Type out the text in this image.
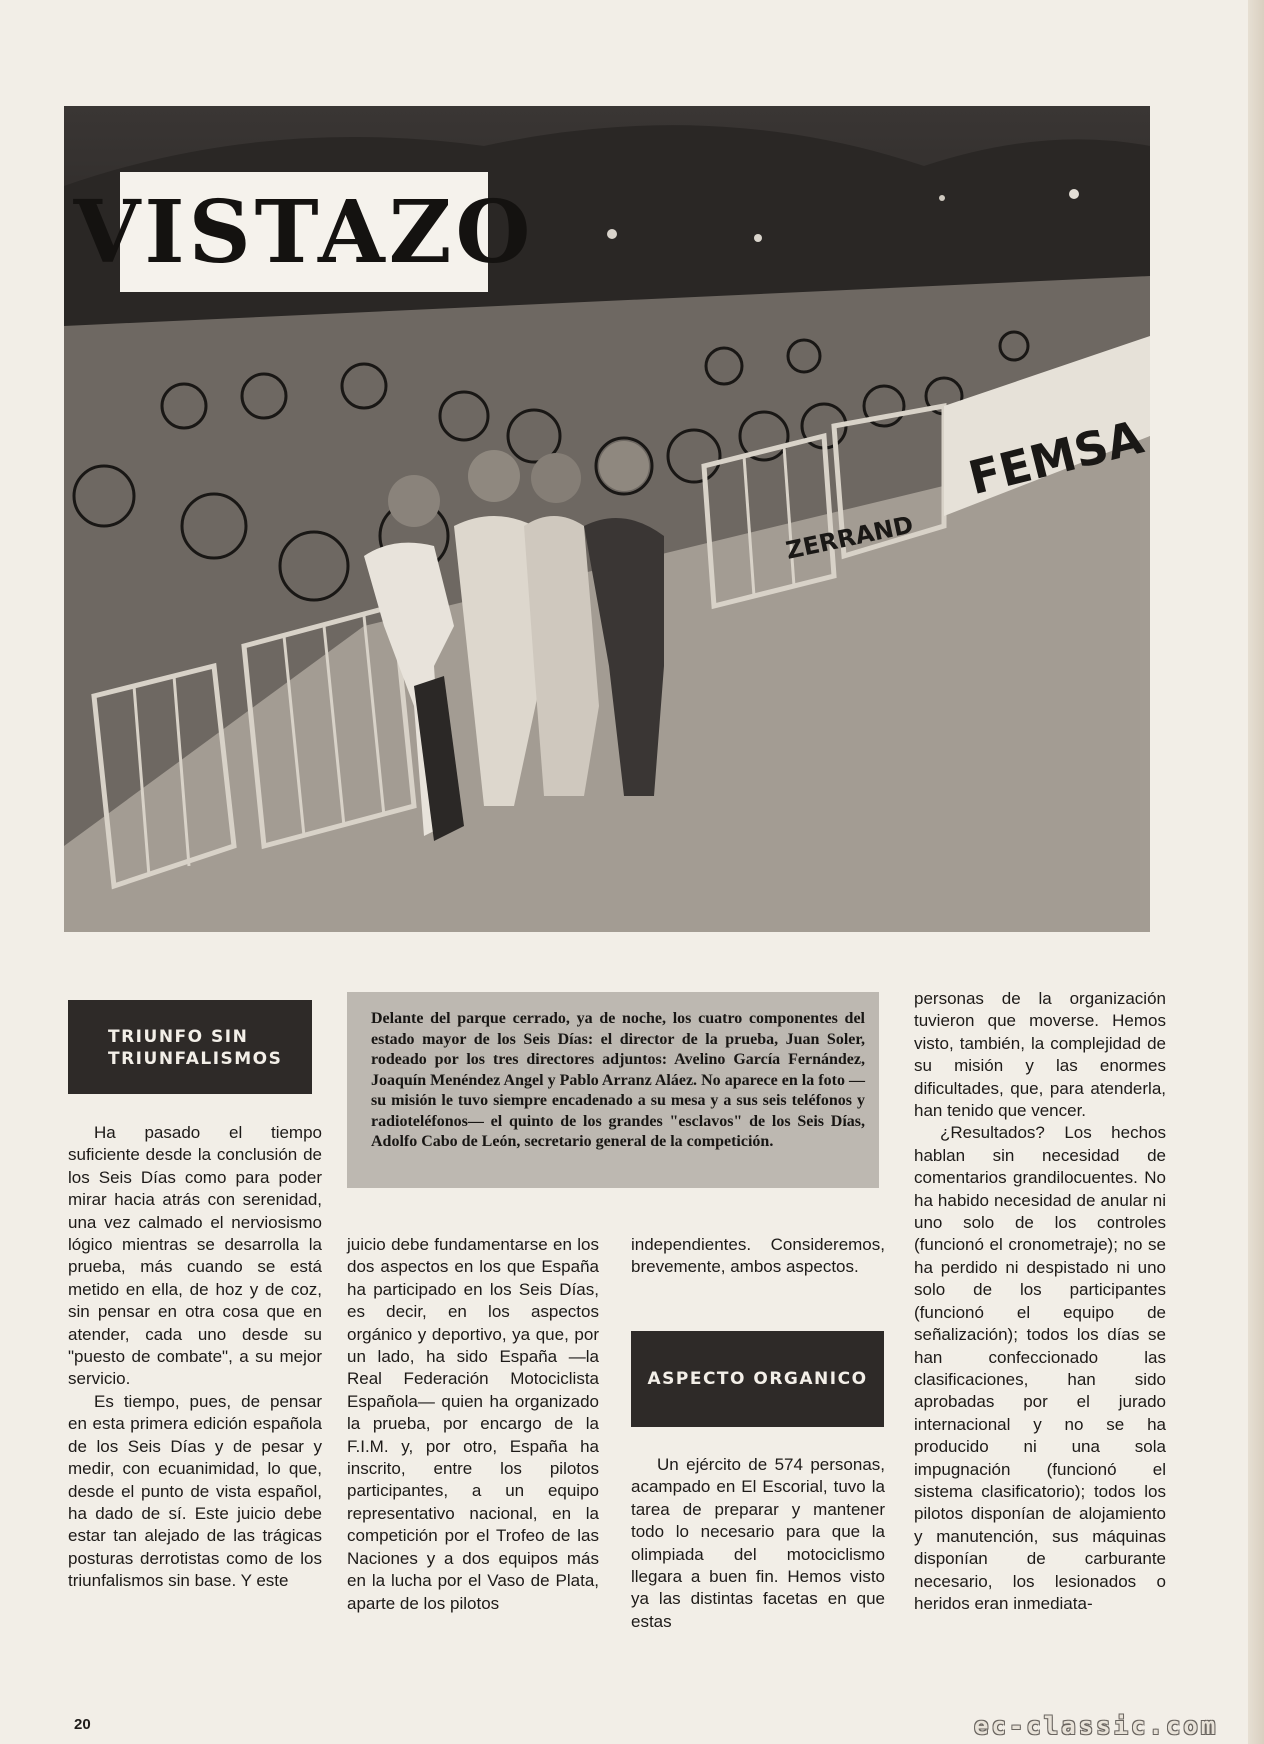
FEMSA
ZERRAND
VISTAZO
TRIUNFO SIN TRIUNFALISMOS
Delante del parque cerrado, ya de noche, los cuatro componentes del estado mayor de los Seis Días: el director de la prueba, Juan Soler, rodeado por los tres directores adjuntos: Avelino García Fernández, Joaquín Menéndez Angel y Pablo Arranz Aláez. No aparece en la foto —su misión le tuvo siempre encadenado a su mesa y a sus seis teléfonos y radioteléfonos— el quinto de los grandes "esclavos" de los Seis Días, Adolfo Cabo de León, secretario general de la competición.

Ha pasado el tiempo suficiente desde la conclusión de los Seis Días como para poder mirar hacia atrás con serenidad, una vez calmado el nerviosismo lógico mientras se desarrolla la prueba, más cuando se está metido en ella, de hoz y de coz, sin pensar en otra cosa que en atender, cada uno desde su "puesto de combate", a su mejor servicio.

Es tiempo, pues, de pensar en esta primera edición española de los Seis Días y de pesar y medir, con ecuanimidad, lo que, desde el punto de vista español, ha dado de sí. Este juicio debe estar tan alejado de las trágicas posturas derrotistas como de los triunfalismos sin base. Y este

juicio debe fundamentarse en los dos aspectos en los que España ha participado en los Seis Días, es decir, en los aspectos orgánico y deportivo, ya que, por un lado, ha sido España —la Real Federación Motociclista Española— quien ha organizado la prueba, por encargo de la F.I.M. y, por otro, España ha inscrito, entre los pilotos participantes, a un equipo representativo nacional, en la competición por el Trofeo de las Naciones y a dos equipos más en la lucha por el Vaso de Plata, aparte de los pilotos

independientes. Consideremos, brevemente, ambos aspectos.

ASPECTO ORGANICO

Un ejército de 574 personas, acampado en El Escorial, tuvo la tarea de preparar y mantener todo lo necesario para que la olimpiada del motociclismo llegara a buen fin. Hemos visto ya las distintas facetas en que estas

personas de la organización tuvieron que moverse. Hemos visto, también, la complejidad de su misión y las enormes dificultades, que, para atenderla, han tenido que vencer.

¿Resultados? Los hechos hablan sin necesidad de comentarios grandilocuentes. No ha habido necesidad de anular ni uno solo de los controles (funcionó el cronometraje); no se ha perdido ni despistado ni uno solo de los participantes (funcionó el equipo de señalización); todos los días se han confeccionado las clasificaciones, han sido aprobadas por el jurado internacional y no se ha producido ni una sola impugnación (funcionó el sistema clasificatorio); todos los pilotos disponían de alojamiento y manutención, sus máquinas disponían de carburante necesario, los lesionados o heridos eran inmediata-

20	ec-classic.com
